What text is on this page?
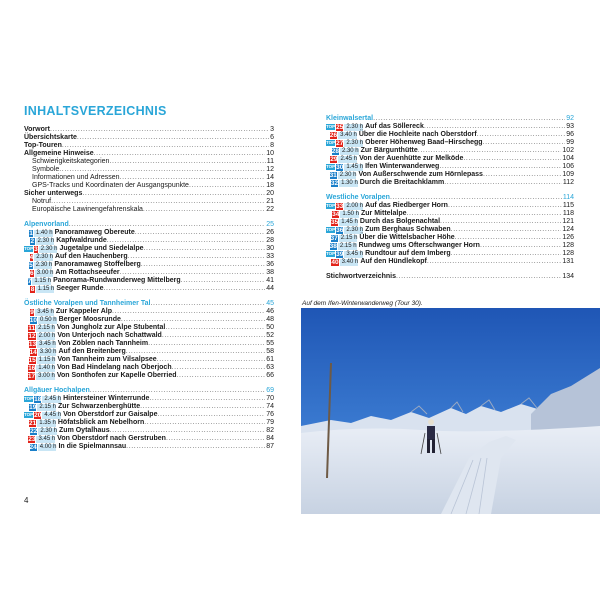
INHALTSVERZEICHNIS
Vorwort .....	3
Übersichtskarte .....	6
Top-Touren .....	8
Allgemeine Hinweise .....	10
Schwierigkeitskategorien .....	11
Symbole .....	12
Informationen und Adressen .....	14
GPS-Tracks und Koordinaten der Ausgangspunkte .....	18
Sicher unterwegs .....	20
Notruf .....	21
Europäische Lawinengefahrenskala .....	22
Alpenvorland .....	25
1 1.40 h Panoramaweg Obereute .....	26
2 2.30 h Kapfwaldrunde .....	28
TOP 3 2.30 h Jugetalpe und Siedelalpe .....	30
4 2.30 h Auf den Hauchenberg .....	33
5 2.30 h Panoramaweg Stoffelberg .....	36
6 3.00 h Am Rottachseeufer .....	38
7 1.15 h Panorama-Rundwanderweg Mittelberg .....	41
8 1.15 h Seeger Runde .....	44
Östliche Voralpen und Tannheimer Tal .....	45
9 3.45 h Zur Kappeler Alp .....	46
10 0.50 h Berger Moosrunde .....	48
11 2.15 h Von Jungholz zur Alpe Stubental .....	50
12 2.00 h Von Unterjoch nach Schattwald .....	52
13 3.45 h Von Zöblen nach Tannheim .....	55
14 3.30 h Auf den Breitenberg .....	58
15 1.15 h Von Tannheim zum Vilsalpsee .....	61
16 1.40 h Von Bad Hindelang nach Oberjoch .....	63
17 3.00 h Von Sonthofen zur Kapelle Oberried .....	66
Allgäuer Hochalpen .....	69
TOP 18 2.45 h Hintersteiner Winterrunde .....	70
19 2.15 h Zur Schwarzenberghütte .....	74
TOP 20 4.45 h Von Oberstdorf zur Gaisalpe .....	76
21 1.35 h Höfatsblick am Nebelhorn .....	79
22 2.30 h Zum Oytalhaus .....	82
23 3.45 h Von Oberstdorf nach Gerstruben .....	84
24 4.00 h In die Spielmannsau .....	87
Kleinwalsertal .....	92
TOP 25 2.30 h Auf das Söllereck .....	93
26 3.40 h Über die Hochleite nach Oberstdorf .....	96
TOP 27 2.30 h Oberer Höhenweg Baad–Hirschegg .....	99
28 2.30 h Zur Bärgunthütte .....	102
29 2.45 h Von der Auenhütte zur Melköde .....	104
TOP 30 1.45 h Ifen Winterwanderweg .....	106
31 2.30 h Von Außerschwende zum Hörnlepass .....	109
32 1.30 h Durch die Breitachklamm .....	112
Westliche Voralpen .....	114
TOP 33 2.00 h Auf das Riedberger Horn .....	115
34 1.50 h Zur Mittelalpe .....	118
35 1.45 h Durch das Bolgenachtal .....	121
TOP 36 2.30 h Zum Berghaus Schwaben .....	124
37 2.15 h Über die Wittelsbacher Höhe .....	126
38 2.15 h Rundweg ums Ofterschwanger Horn .....	128
TOP 39 3.45 h Rundtour auf dem Imberg .....	128
40 3.40 h Auf den Hündlekopf .....	131
Stichwortverzeichnis .....	134
Auf dem Ifen-Winterwanderweg (Tour 30).
4
